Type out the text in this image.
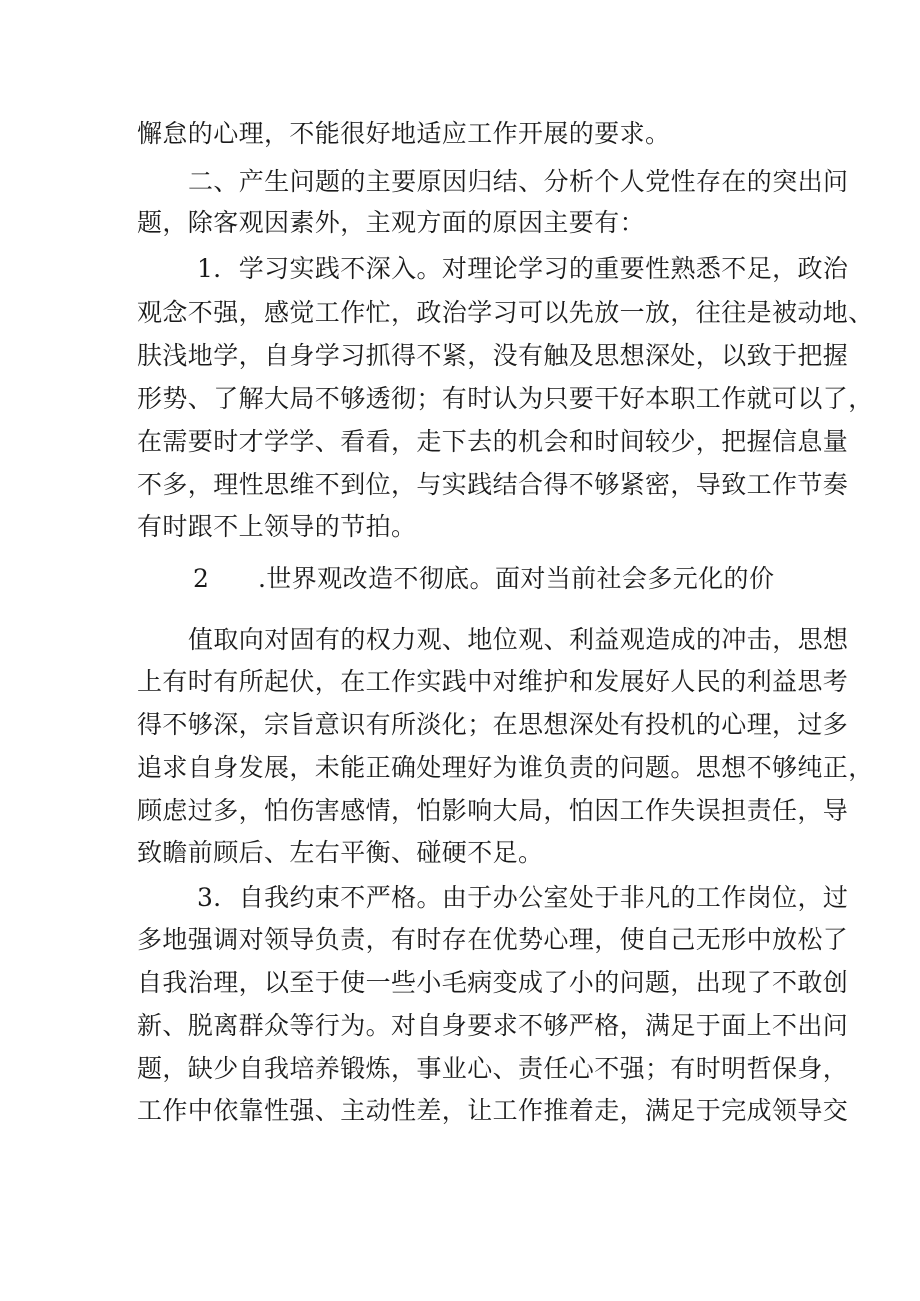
懈怠的心理，不能很好地适应工作开展的要求。
二、产生问题的主要原因归结、分析个人党性存在的突出问
题，除客观因素外，主观方面的原因主要有：
1．学习实践不深入。对理论学习的重要性熟悉不足，政治
观念不强，感觉工作忙，政治学习可以先放一放，往往是被动地、
肤浅地学，自身学习抓得不紧，没有触及思想深处，以致于把握
形势、了解大局不够透彻；有时认为只要干好本职工作就可以了，
在需要时才学学、看看，走下去的机会和时间较少，把握信息量
不多，理性思维不到位，与实践结合得不够紧密，导致工作节奏
有时跟不上领导的节拍。
2 .世界观改造不彻底。面对当前社会多元化的价
值取向对固有的权力观、地位观、利益观造成的冲击，思想
上有时有所起伏，在工作实践中对维护和发展好人民的利益思考
得不够深，宗旨意识有所淡化；在思想深处有投机的心理，过多
追求自身发展，未能正确处理好为谁负责的问题。思想不够纯正，
顾虑过多，怕伤害感情，怕影响大局，怕因工作失误担责任，导
致瞻前顾后、左右平衡、碰硬不足。
3．自我约束不严格。由于办公室处于非凡的工作岗位，过
多地强调对领导负责，有时存在优势心理，使自己无形中放松了
自我治理，以至于使一些小毛病变成了小的问题，出现了不敢创
新、脱离群众等行为。对自身要求不够严格，满足于面上不出问
题，缺少自我培养锻炼，事业心、责任心不强；有时明哲保身，
工作中依靠性强、主动性差，让工作推着走，满足于完成领导交
